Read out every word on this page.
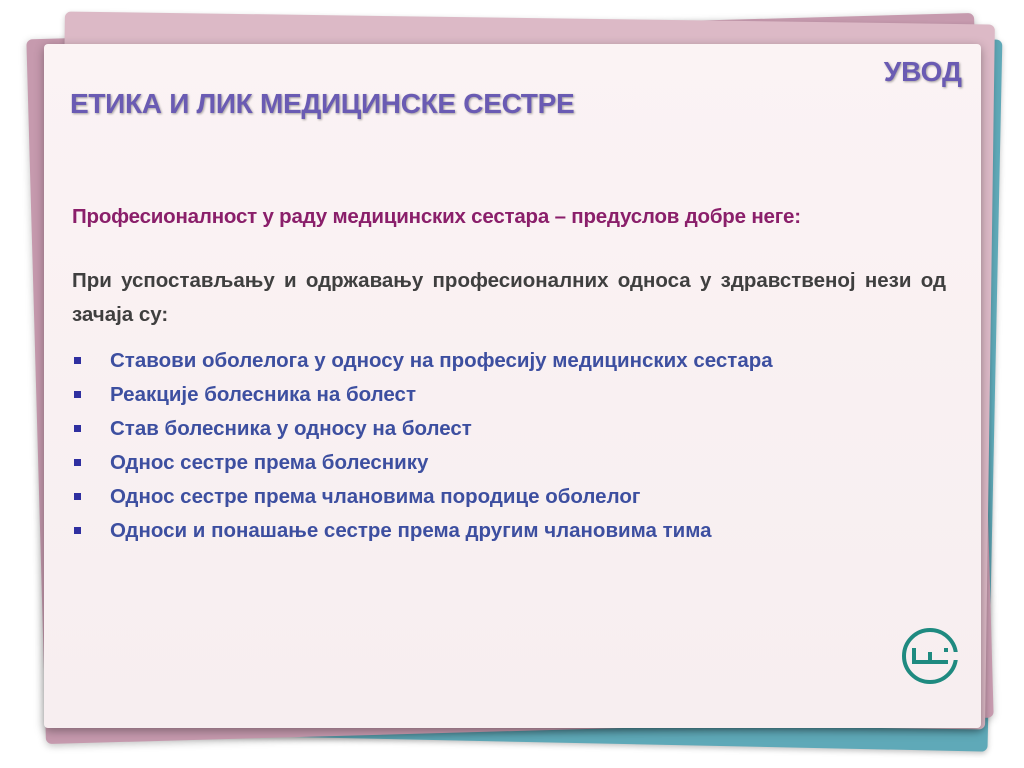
УВОД
ЕТИКА И ЛИК МЕДИЦИНСКЕ СЕСТРЕ
Професионалност у раду медицинских сестара – предуслов добре неге:
При успостављању и одржавању професионалних односа у здравственој нези од зачаја су:
Ставови оболелога у односу на професију медицинских сестара
Реакције болесника на болест
Став болесника у односу на болест
Однос сестре према болеснику
Однос сестре према члановима породице оболелог
Односи и понашање сестре према другим члановима тима
